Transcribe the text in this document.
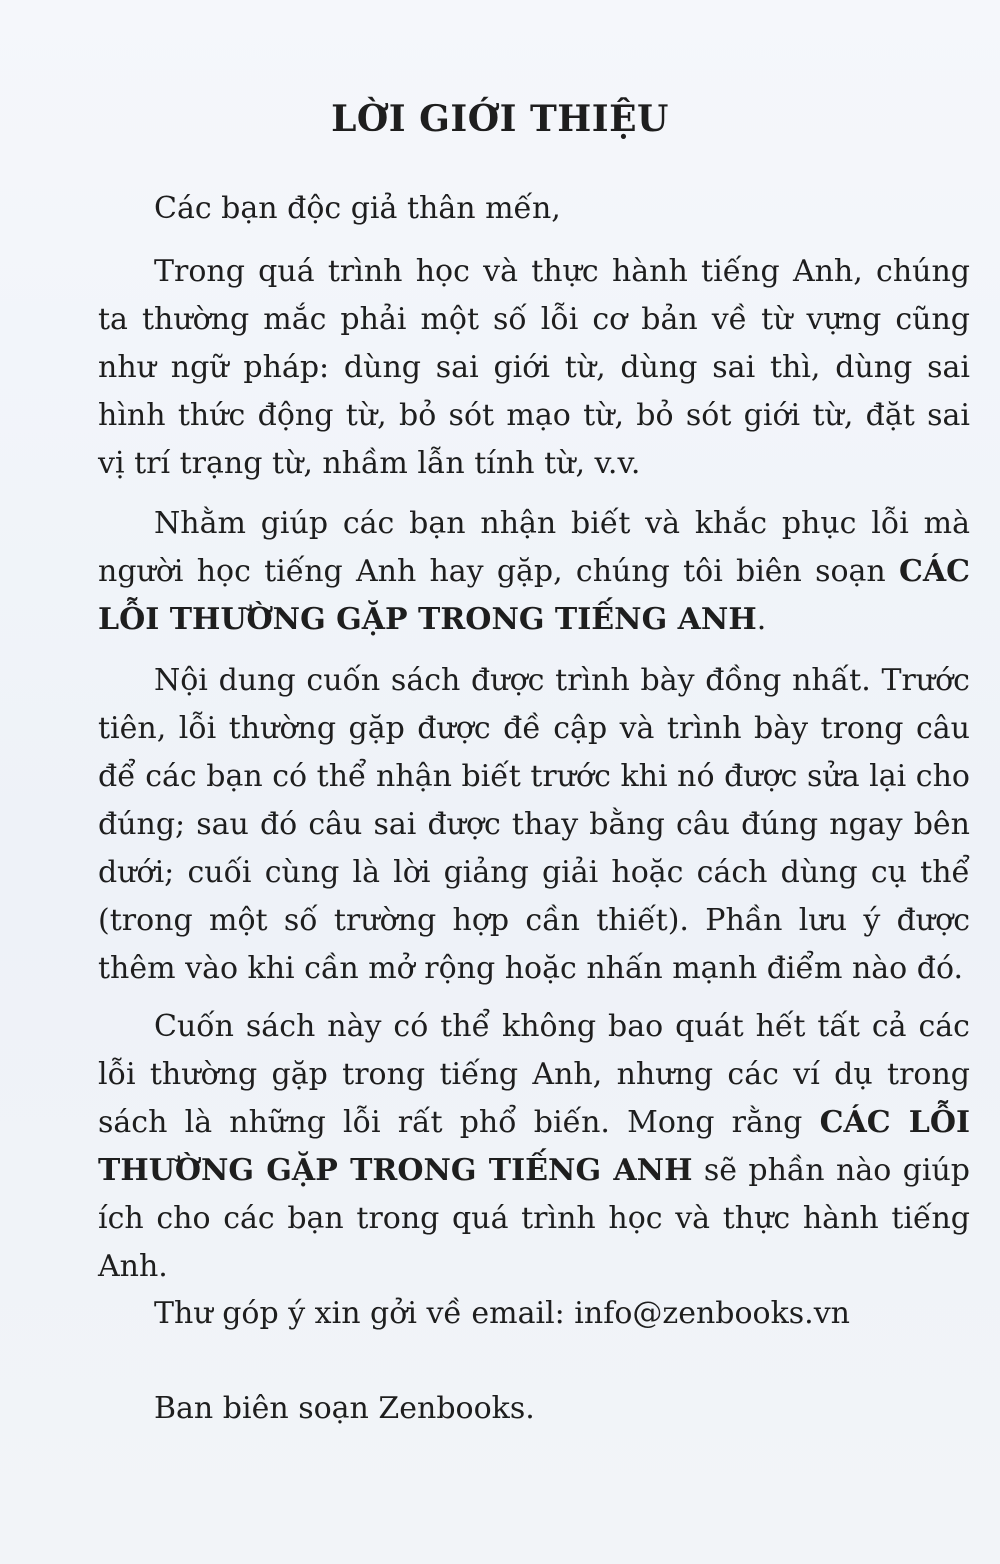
LỜI GIỚI THIỆU

Các bạn độc giả thân mến,

Trong quá trình học và thực hành tiếng Anh, chúng ta thường mắc phải một số lỗi cơ bản về từ vựng cũng như ngữ pháp: dùng sai giới từ, dùng sai thì, dùng sai hình thức động từ, bỏ sót mạo từ, bỏ sót giới từ, đặt sai vị trí trạng từ, nhầm lẫn tính từ, v.v.

Nhằm giúp các bạn nhận biết và khắc phục lỗi mà người học tiếng Anh hay gặp, chúng tôi biên soạn CÁC LỖI THƯỜNG GẶP TRONG TIẾNG ANH.

Nội dung cuốn sách được trình bày đồng nhất. Trước tiên, lỗi thường gặp được đề cập và trình bày trong câu để các bạn có thể nhận biết trước khi nó được sửa lại cho đúng; sau đó câu sai được thay bằng câu đúng ngay bên dưới; cuối cùng là lời giảng giải hoặc cách dùng cụ thể (trong một số trường hợp cần thiết). Phần lưu ý được thêm vào khi cần mở rộng hoặc nhấn mạnh điểm nào đó.

Cuốn sách này có thể không bao quát hết tất cả các lỗi thường gặp trong tiếng Anh, nhưng các ví dụ trong sách là những lỗi rất phổ biến. Mong rằng CÁC LỖI THƯỜNG GẶP TRONG TIẾNG ANH sẽ phần nào giúp ích cho các bạn trong quá trình học và thực hành tiếng Anh.

Thư góp ý xin gởi về email: info@zenbooks.vn

Ban biên soạn Zenbooks.
